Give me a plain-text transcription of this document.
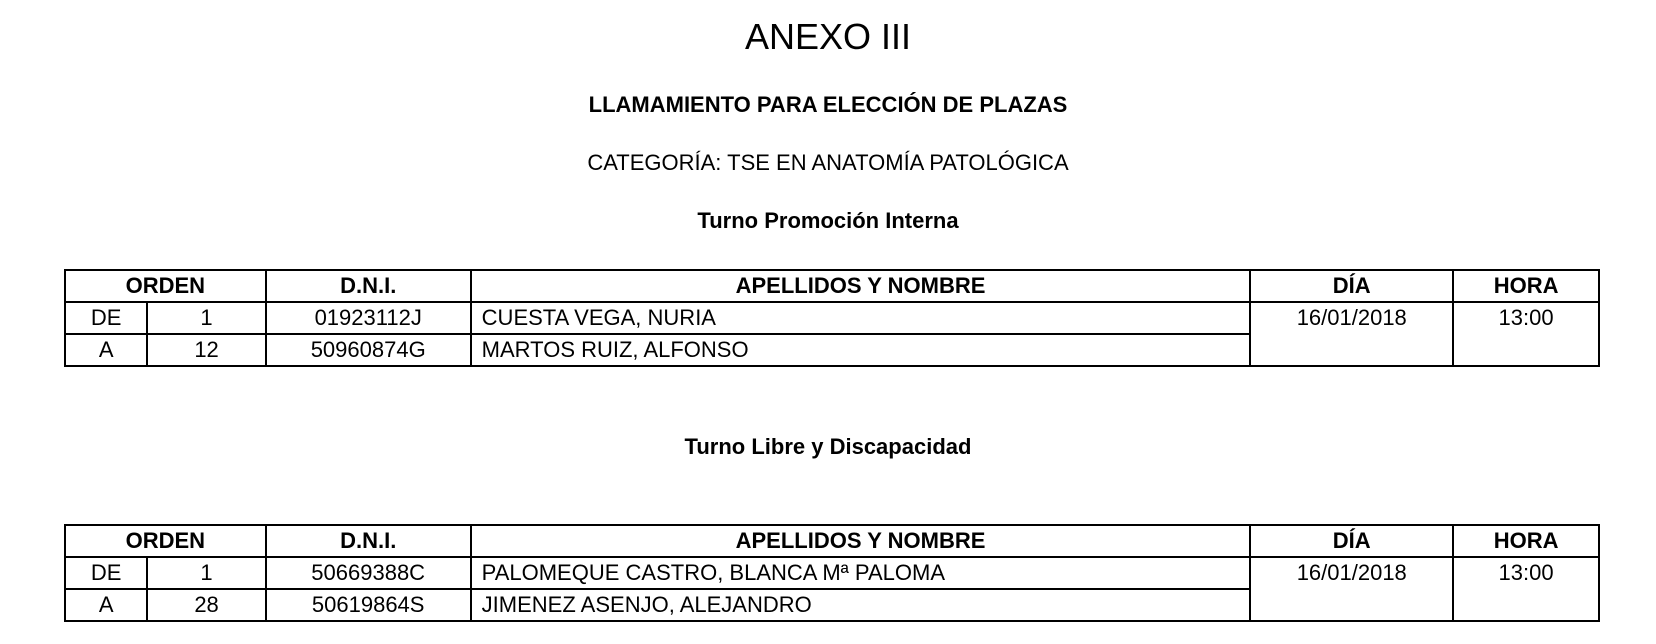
ANEXO III
LLAMAMIENTO PARA ELECCIÓN DE PLAZAS
CATEGORÍA: TSE EN ANATOMÍA PATOLÓGICA
Turno Promoción Interna
ORDEN		D.N.I.	APELLIDOS Y NOMBRE	DÍA	HORA
DE	1	01923112J	CUESTA VEGA, NURIA	16/01/2018	13:00
A	12	50960874G	MARTOS RUIZ, ALFONSO		
Turno Libre y Discapacidad
ORDEN		D.N.I.	APELLIDOS Y NOMBRE	DÍA	HORA
DE	1	50669388C	PALOMEQUE CASTRO, BLANCA Mª PALOMA	16/01/2018	13:00
A	28	50619864S	JIMENEZ ASENJO, ALEJANDRO		
